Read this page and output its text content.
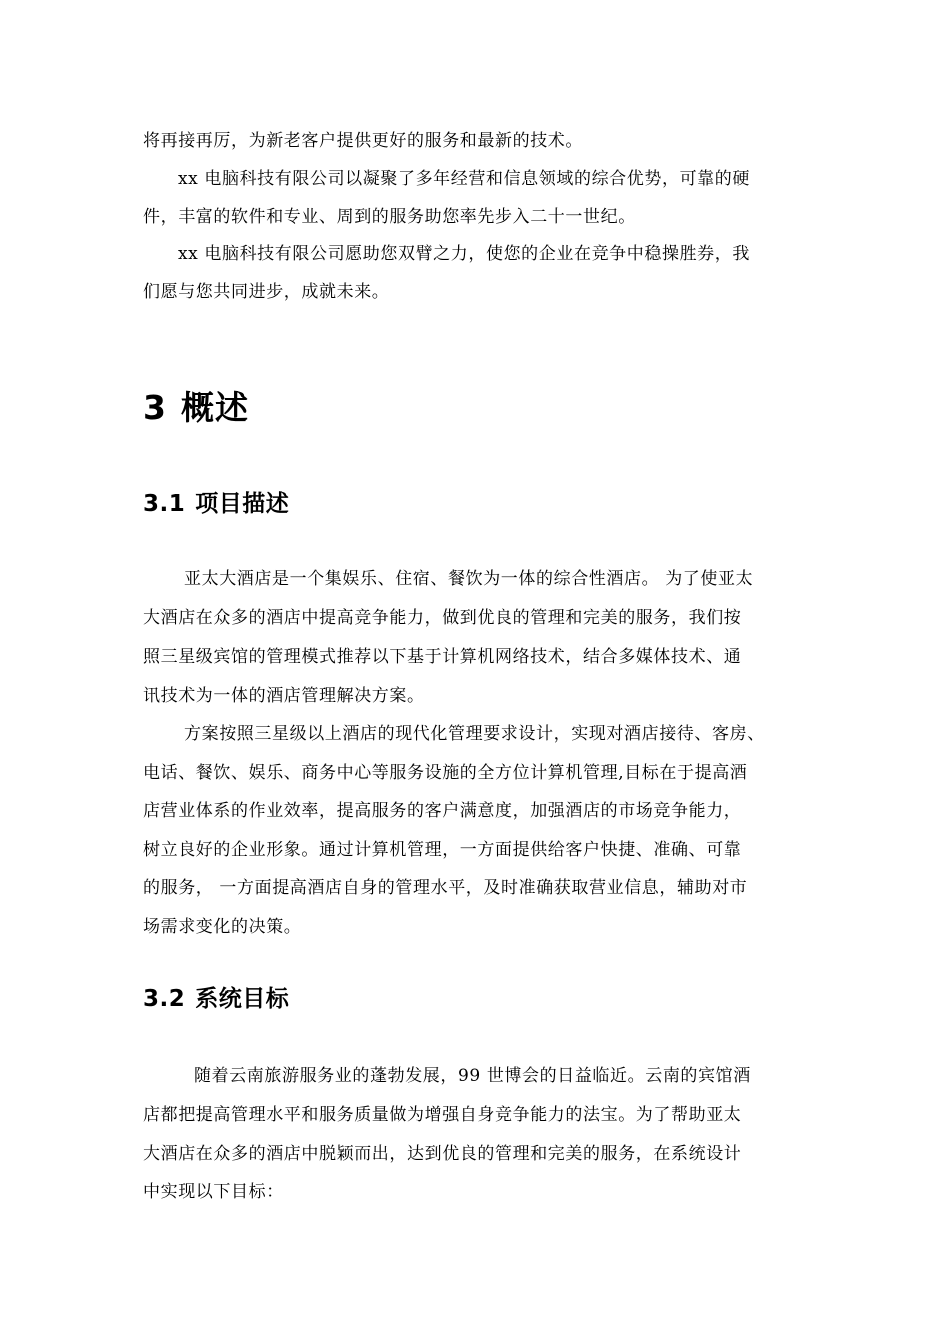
将再接再厉，为新老客户提供更好的服务和最新的技术。
xx 电脑科技有限公司以凝聚了多年经营和信息领域的综合优势，可靠的硬
件，丰富的软件和专业、周到的服务助您率先步入二十一世纪。
xx 电脑科技有限公司愿助您双臂之力，使您的企业在竞争中稳操胜券，我
们愿与您共同进步，成就未来。
3 概述
3.1 项目描述
亚太大酒店是一个集娱乐、住宿、餐饮为一体的综合性酒店。 为了使亚太
大酒店在众多的酒店中提高竞争能力，做到优良的管理和完美的服务，我们按
照三星级宾馆的管理模式推荐以下基于计算机网络技术，结合多媒体技术、通
讯技术为一体的酒店管理解决方案。
方案按照三星级以上酒店的现代化管理要求设计，实现对酒店接待、客房、
电话、餐饮、娱乐、商务中心等服务设施的全方位计算机管理,目标在于提高酒
店营业体系的作业效率，提高服务的客户满意度，加强酒店的市场竞争能力，
树立良好的企业形象。通过计算机管理，一方面提供给客户快捷、准确、可靠
的服务， 一方面提高酒店自身的管理水平，及时准确获取营业信息，辅助对市
场需求变化的决策。
3.2 系统目标
随着云南旅游服务业的蓬勃发展，99 世博会的日益临近。云南的宾馆酒
店都把提高管理水平和服务质量做为增强自身竞争能力的法宝。为了帮助亚太
大酒店在众多的酒店中脱颖而出，达到优良的管理和完美的服务，在系统设计
中实现以下目标：
